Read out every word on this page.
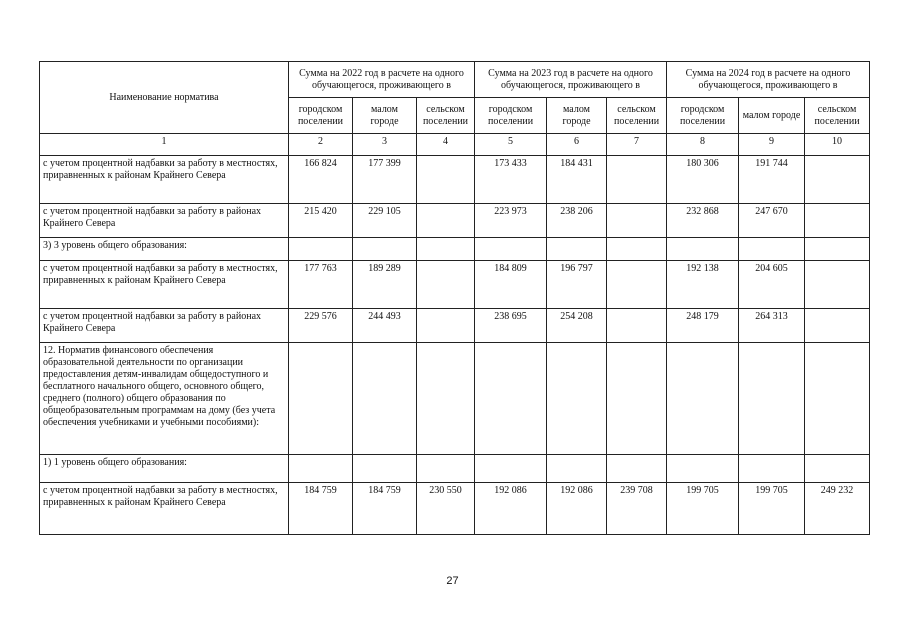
Наименование норматива	Сумма на 2022 год в расчете на одного обучающегося, проживающего в			Сумма на 2023 год в расчете на одного обучающегося, проживающего в			Сумма на 2024 год в расчете на одного обучающегося, проживающего в		
	городском поселении	малом городе	сельском поселении	городском поселении	малом городе	сельском поселении	городском поселении	малом городе	сельском поселении
1	2	3	4	5	6	7	8	9	10
с учетом процентной надбавки за работу в местностях, приравненных к районам Крайнего Севера	166 824	177 399		173 433	184 431		180 306	191 744	
с учетом процентной надбавки за работу в районах Крайнего Севера	215 420	229 105		223 973	238 206		232 868	247 670	
3) 3 уровень общего образования:									
с учетом процентной надбавки за работу в местностях, приравненных к районам Крайнего Севера	177 763	189 289		184 809	196 797		192 138	204 605	
с учетом процентной надбавки за работу в районах Крайнего Севера	229 576	244 493		238 695	254 208		248 179	264 313	
12. Норматив финансового обеспечения образовательной деятельности по организации предоставления детям-инвалидам общедоступного и бесплатного начального общего, основного общего, среднего (полного) общего образования по общеобразовательным программам на дому (без учета обеспечения учебниками и учебными пособиями):									
1) 1 уровень общего образования:									
с учетом процентной надбавки за работу в местностях, приравненных к районам Крайнего Севера	184 759	184 759	230 550	192 086	192 086	239 708	199 705	199 705	249 232
27
